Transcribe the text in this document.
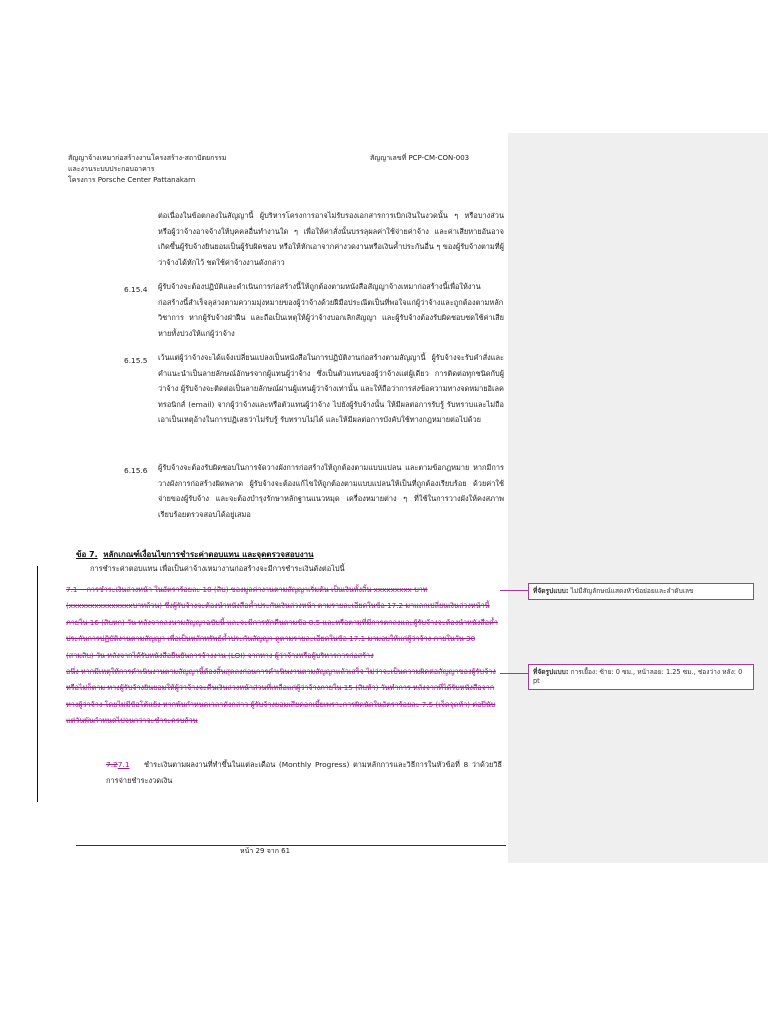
สัญญาจ้างเหมาก่อสร้างงานโครงสร้าง-สถาปัตยกรรม
และงานระบบประกอบอาคาร
โครงการ Porsche Center Pattanakarn
สัญญาเลขที่ PCP-CM-CON-003
ต่อเนื่องในข้อตกลงในสัญญานี้ ผู้บริหารโครงการอาจไม่รับรองเอกสารการเบิกเงินในงวดนั้น ๆ หรือบางส่วนหรือผู้ว่าจ้างอาจจ้างให้บุคคลอื่นทำงานใด ๆ เพื่อให้ค่าสั่งนั้นบรรลุผลค่าใช้จ่ายค่าจ้าง และค่าเสียหายอันอาจเกิดขึ้นผู้รับจ้างยินยอมเป็นผู้รับผิดชอบ หรือให้หักเอาจากค่างวดงานหรือเงินค้ำประกันอื่น ๆ ของผู้รับจ้างตามที่ผู้ว่าจ้างได้หักไว้ ชดใช้ค่าจ้างงานดังกล่าว
6.15.4 ผู้รับจ้างจะต้องปฏิบัติและดำเนินการก่อสร้างนี้ให้ถูกต้องตามหนังสือสัญญาจ้างเหมาก่อสร้างนี้เพื่อให้งานก่อสร้างนี้สำเร็จลุล่วงตามความมุ่งหมายของผู้ว่าจ้างด้วยฝีมือประณีตเป็นที่พอใจแก่ผู้ว่าจ้างและถูกต้องตามหลักวิชาการ หากผู้รับจ้างฝ่าฝืน และถือเป็นเหตุให้ผู้ว่าจ้างบอกเลิกสัญญา และผู้รับจ้างต้องรับผิดชอบชดใช้ค่าเสียหายทั้งปวงให้แก่ผู้ว่าจ้าง
6.15.5 เว้นแต่ผู้ว่าจ้างจะได้แจ้งเปลี่ยนแปลงเป็นหนังสือในการปฏิบัติงานก่อสร้างตามสัญญานี้ ผู้รับจ้างจะรับคำสั่งและคำแนะนำเป็นลายลักษณ์อักษรจากผู้แทนผู้ว่าจ้าง ซึ่งเป็นตัวแทนของผู้ว่าจ้างแต่ผู้เดียว การติดต่อทุกชนิดกับผู้ว่าจ้าง ผู้รับจ้างจะติดต่อเป็นลายลักษณ์ผ่านผู้แทนผู้ว่าจ้างเท่านั้น และให้ถือว่าการส่งข้อความทางจดหมายอิเลคทรอนิกส์ (email) จากผู้ว่าจ้างและหรือตัวแทนผู้ว่าจ้าง ไปยังผู้รับจ้างนั้น ให้มีผลต่อการรับรู้ รับทราบและไม่ถือเอาเป็นเหตุอ้างในการปฏิเสธว่าไม่รับรู้ รับทราบไม่ได้ และให้มีผลต่อการบังคับใช้ทางกฎหมายต่อไปด้วย
6.15.6 ผู้รับจ้างจะต้องรับผิดชอบในการจัดวางผังการก่อสร้างให้ถูกต้องตามแบบแปลน และตามข้อกฎหมาย หากมีการวางผังการก่อสร้างผิดพลาด ผู้รับจ้างจะต้องแก้ไขให้ถูกต้องตามแบบแปลนให้เป็นที่ถูกต้องเรียบร้อย ด้วยค่าใช้จ่ายของผู้รับจ้าง และจะต้องบำรุงรักษาหลักฐานแนวหมุด เครื่องหมายต่าง ๆ ที่ใช้ในการวางผังให้คงสภาพเรียบร้อยตรวจสอบได้อยู่เสมอ
ข้อ 7. หลักเกณฑ์เงื่อนไขการชำระค่าตอบแทน และจุดตรวจสอบงาน
การชำระค่าตอบแทน เพื่อเป็นค่าจ้างเหมางานก่อสร้างจะมีการชำระเงินดังต่อไปนี้
7.1 การชำระเงินล่วงหน้า ในอัตราร้อยละ 10 (สิบ) ของมูลค่างานตามสัญญาเริ่มต้น เป็นเงินทั้งสิ้น xxxxxxxxx บาท (xxxxxxxxxxxxxxxบาทถ้วน) ซึ่งผู้รับจ้างจะต้องนำหนังสือค้ำประกันเงินล่วงหน้า ตามรายละเอียดในข้อ 17.2 มาแลกเปลี่ยนเงินล่วงหน้านี้ ภายใน 16 (สิบหก) วัน หลังจากลงนามสัญญาฉบับนี้ และจะมีการหักคืนตามข้อ 8.5 และหรือตามที่มีการตกลงและผู้รับจ้างจะต้องนำหนังสือค้ำประกันการปฏิบัติงานตามสัญญา เพื่อเป็นหลักทรัพย์ค้ำประกันสัญญา ดูตามรายละเอียดในข้อ 17.1 มามอบให้แก่ผู้ว่าจ้าง ภายในวัน 30 (สามสิบ) วัน หลังจากได้รับหนังสือยืนยันการจ้างงาน (LOI) จากทาง ผู้ว่าจ้างหรือผู้บริหารการก่อสร้าง
อนึ่ง หากมีเหตุให้การดำเนินงานตามสัญญานี้ต้องสิ้นสุดลงก่อนการดำเนินงานตามสัญญาแล้วเสร็จ ไม่ว่าจะเป็นความผิดต่อสัญญาของผู้รับจ้างหรือไม่ก็ตาม ทางผู้รับจ้างยินยอมให้ผู้ว่าจ้างจะคืนเงินล่วงหน้าส่วนที่เหลือแก่ผู้ว่าจ้างภายใน 15 (สิบห้า) วันทำการ หลังจากที่ได้รับหนังสือจากทางผู้ว่าจ้าง โดยไม่มีข้อโต้แย้ง หากพ้นกำหนดเวลาดังกล่าว ผู้รับจ้างยอมเสียดอกเบี้ยเพราะการผิดนัดในอัตราร้อยละ 7.5 (เจ็ดจุดห้า) ต่อปีนับแต่วันพ้นกำหนดไปจนกว่าจะชำระครบถ้วน
7.27.1 ชำระเงินตามผลงานที่ทำขึ้นในแต่ละเดือน (Monthly Progress) ตามหลักการและวิธีการในหัวข้อที่ 8 ว่าด้วยวิธีการจ่ายชำระงวดเงิน
ที่จัดรูปแบบ: ไม่มีสัญลักษณ์แสดงหัวข้อย่อยและลำดับเลข
ที่จัดรูปแบบ: การเยื้อง: ซ้าย: 0 ซม., หน้าลอย: 1.25 ซม., ช่องว่าง หลัง: 0 pt
หน้า 29 จาก 61
